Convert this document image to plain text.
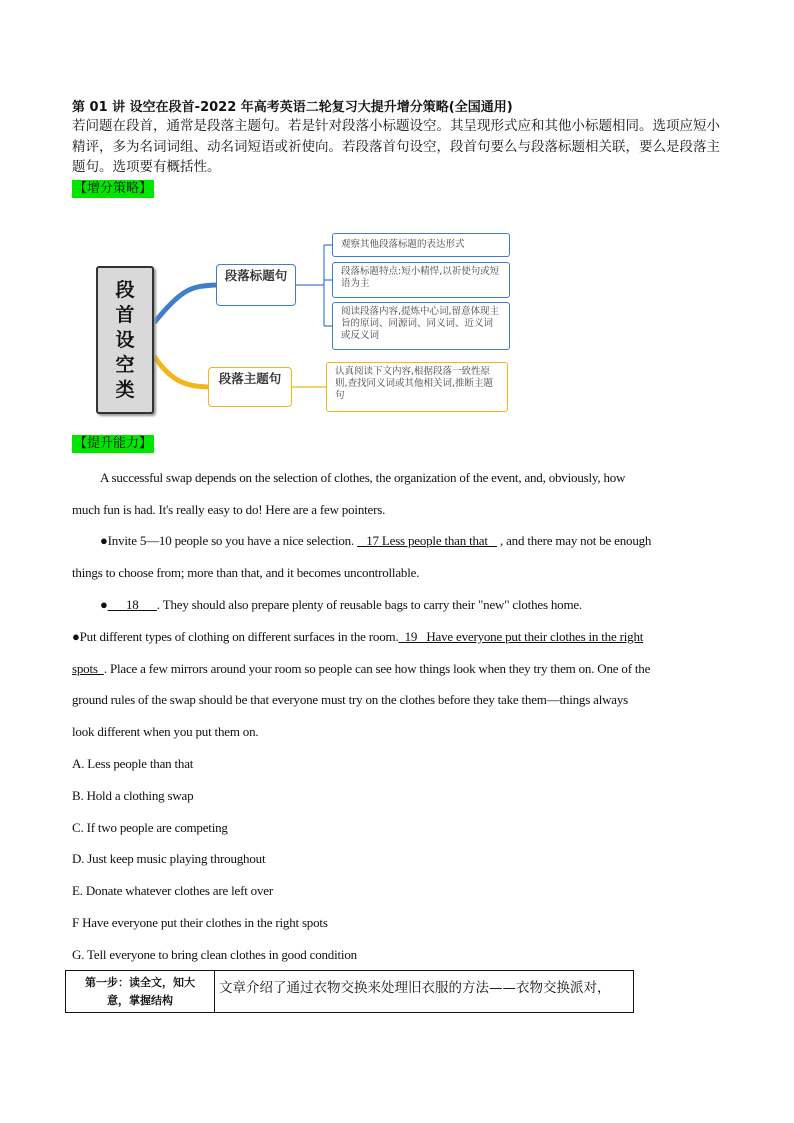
第 01 讲 设空在段首-2022 年高考英语二轮复习大提升增分策略(全国通用)
若问题在段首，通常是段落主题句。若是针对段落小标题设空。其呈现形式应和其他小标题相同。选项应短小精评，多为名词词组、动名词短语或祈使向。若段落首句设空，段首句要么与段落标题相关联，要么是段落主题句。选项要有概括性。
【增分策略】
段首设空类
段落标题句
段落主题句
观察其他段落标题的表达形式
段落标题特点:短小精悍,以祈使句或短语为主
阅读段落内容,提炼中心词,留意体现主旨的原词、同源词、同义词、近义词或反义词
认真阅读下文内容,根据段落一致性原则,查找同义词或其他相关词,推断主题句
【提升能力】
A successful swap depends on the selection of clothes, the organization of the event, and, obviously, how
much fun is had. It's really easy to do! Here are a few pointers.
●Invite 5—10 people so you have a nice selection.    17 Less people than that    , and there may not be enough
things to choose from; more than that, and it becomes uncontrollable.
●      18      . They should also prepare plenty of reusable bags to carry their "new" clothes home.
●Put different types of clothing on different surfaces in the room.  19   Have everyone put their clothes in the right
spots  . Place a few mirrors around your room so people can see how things look when they try them on. One of the
ground rules of the swap should be that everyone must try on the clothes before they take them—things always
look different when you put them on.
A. Less people than that
B. Hold a clothing swap
C. If two people are competing
D. Just keep music playing throughout
E. Donate whatever clothes are left over
F Have everyone put their clothes in the right spots
G. Tell everyone to bring clean clothes in good condition
第一步：读全文，知大
意，掌握结构
	文章介绍了通过衣物交换来处理旧衣服的方法——衣物交换派对，
